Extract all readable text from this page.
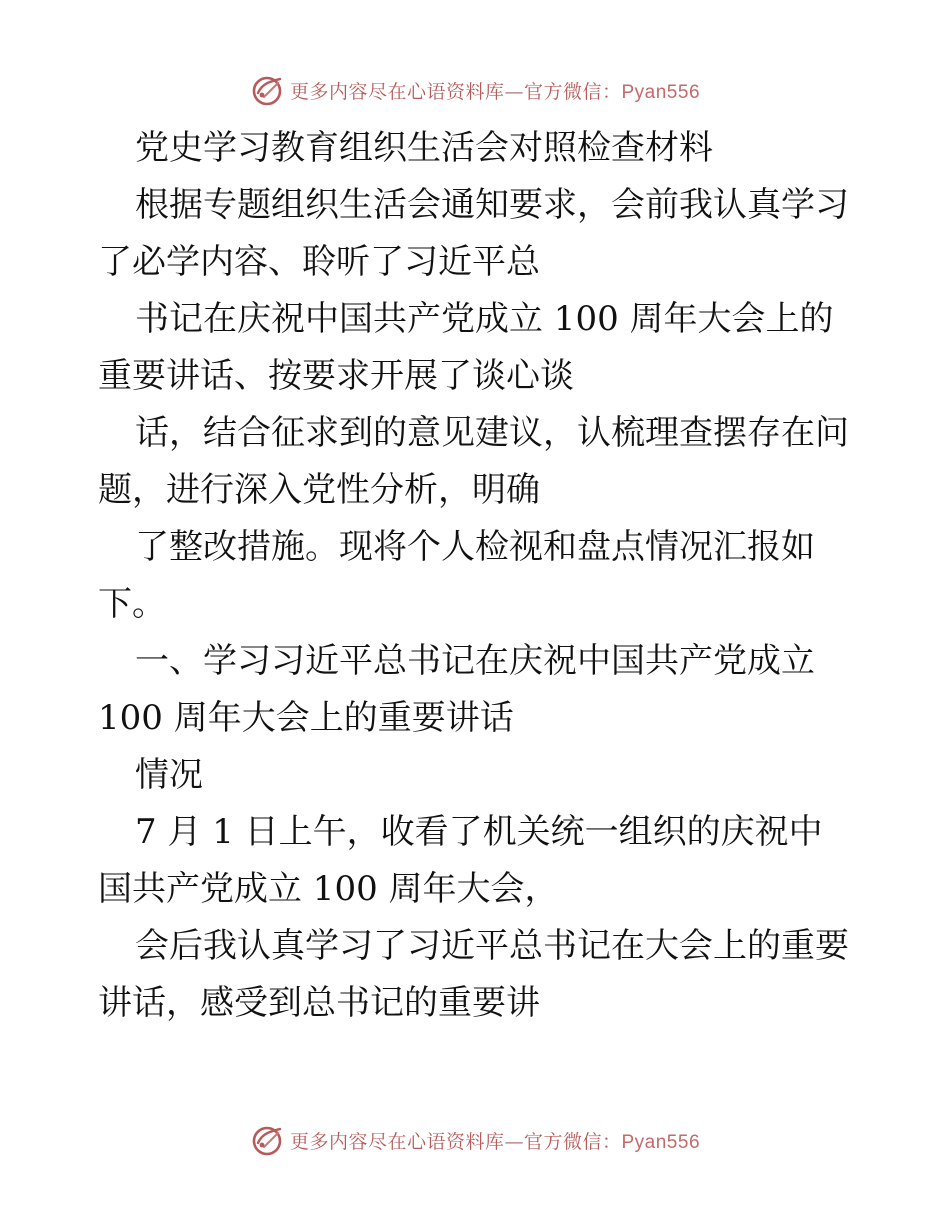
更多内容尽在心语资料库—官方微信：Pyan556
党史学习教育组织生活会对照检查材料
根据专题组织生活会通知要求，会前我认真学习
了必学内容、聆听了习近平总
书记在庆祝中国共产党成立 100 周年大会上的
重要讲话、按要求开展了谈心谈
话，结合征求到的意见建议，认梳理查摆存在问
题，进行深入党性分析，明确
了整改措施。现将个人检视和盘点情况汇报如
下。
一、学习习近平总书记在庆祝中国共产党成立
100 周年大会上的重要讲话
情况
7 月 1 日上午，收看了机关统一组织的庆祝中
国共产党成立 100 周年大会，
会后我认真学习了习近平总书记在大会上的重要
讲话，感受到总书记的重要讲
更多内容尽在心语资料库—官方微信：Pyan556
